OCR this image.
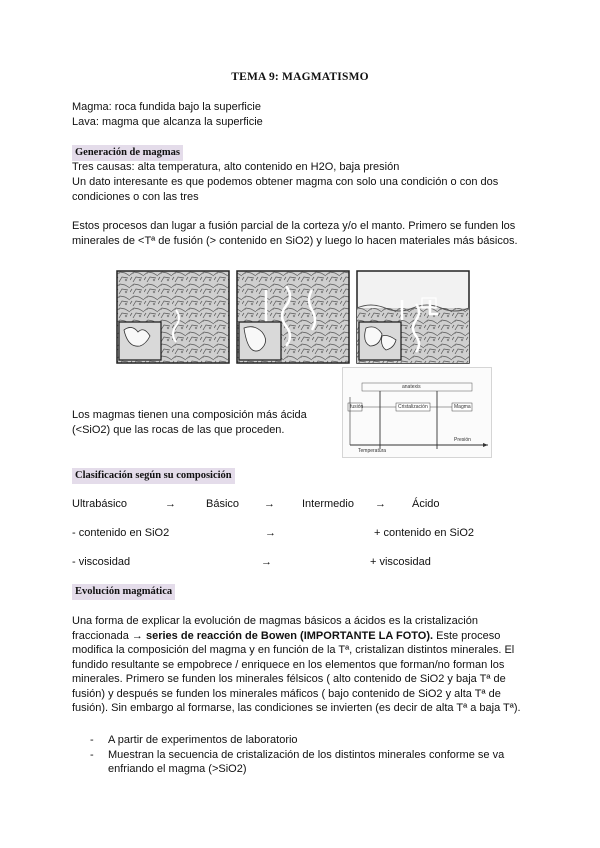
TEMA 9: MAGMATISMO
Magma: roca fundida bajo la superficie
Lava: magma que alcanza la superficie
Generación de magmas
Tres causas: alta temperatura, alto contenido en H2O, baja presión
Un dato interesante es que podemos obtener magma con solo una condición o con dos
condiciones o con las tres
Estos procesos dan lugar a fusión parcial de la corteza y/o el manto. Primero se funden los
minerales de <Tª de fusión (> contenido en SiO2) y luego lo hacen materiales más básicos.
anatexis
fusión	Cristalización	Magma
Presión
Temperatura
Los magmas tienen una composición más ácida
(<SiO2) que las rocas de las que proceden.
Clasificación según su composición
Ultrabásico	→	Básico → Intermedio → Ácido
- contenido en SiO2	→	+ contenido en SiO2
- viscosidad	→	+ viscosidad
Evolución magmática
Una forma de explicar la evolución de magmas básicos a ácidos es la cristalización
fraccionada → series de reacción de Bowen (IMPORTANTE LA FOTO). Este proceso
modifica la composición del magma y en función de la Tª, cristalizan distintos minerales. El
fundido resultante se empobrece / enriquece en los elementos que forman/no forman los
minerales. Primero se funden los minerales félsicos ( alto contenido de SiO2 y baja Tª de
fusión) y después se funden los minerales máficos ( bajo contenido de SiO2 y alta Tª de
fusión). Sin embargo al formarse, las condiciones se invierten (es decir de alta Tª a baja Tª).
- A partir de experimentos de laboratorio
- Muestran la secuencia de cristalización de los distintos minerales conforme se va
enfriando el magma (>SiO2)
